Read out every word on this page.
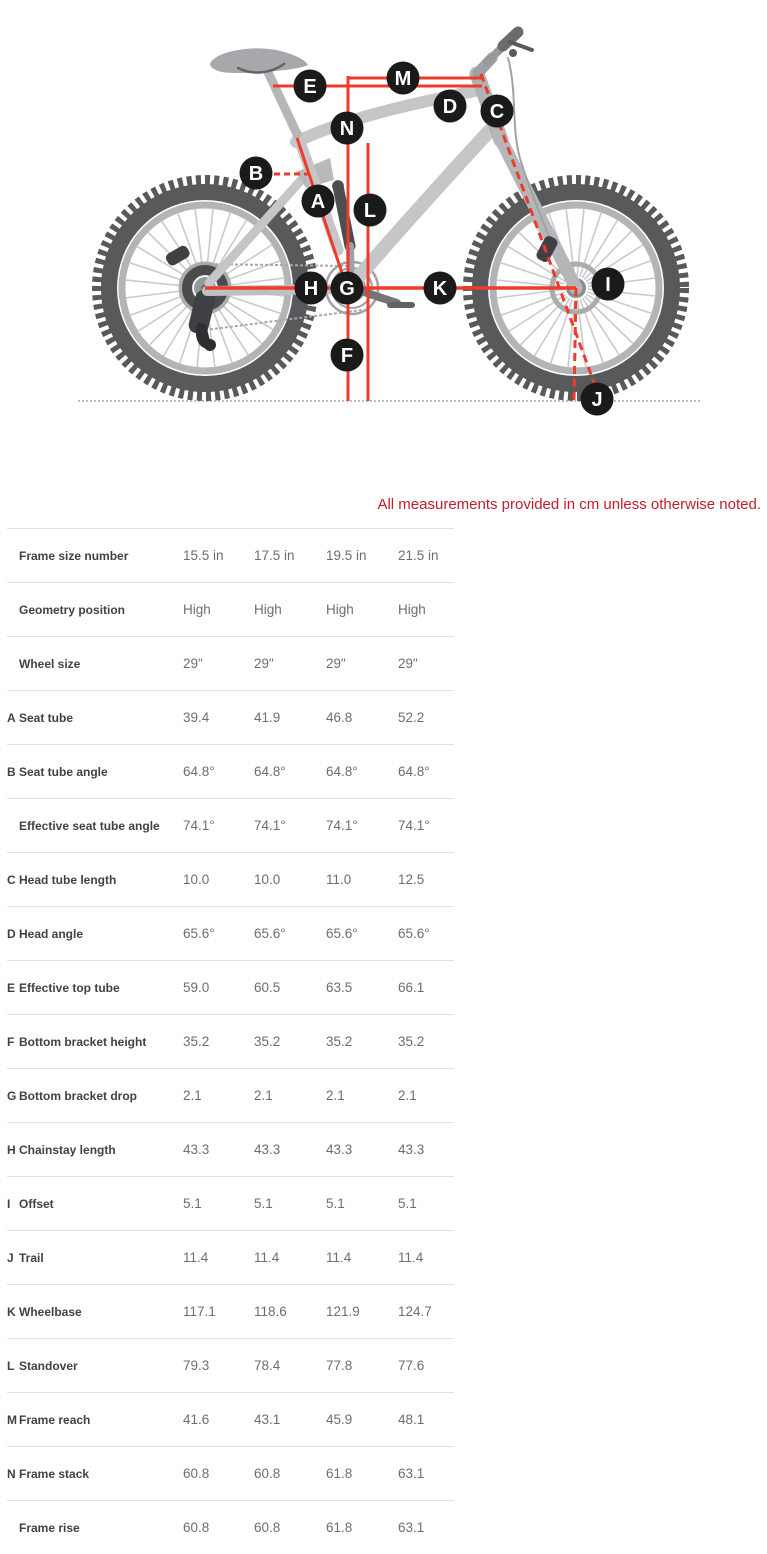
A
B
C
D
E
F
G
H	I
J
K
L
M
N
All measurements provided in cm unless otherwise noted.
Frame size number	15.5 in	17.5 in	19.5 in	21.5 in
Geometry position	High	High	High	High
Wheel size	29"	29"	29"	29"
A Seat tube	39.4	41.9	46.8	52.2
B Seat tube angle	64.8°	64.8°	64.8°	64.8°
Effective seat tube angle	74.1°	74.1°	74.1°	74.1°
C Head tube length	10.0	10.0	11.0	12.5
D Head angle	65.6°	65.6°	65.6°	65.6°
E Effective top tube	59.0	60.5	63.5	66.1
F Bottom bracket height	35.2	35.2	35.2	35.2
G Bottom bracket drop	2.1	2.1	2.1	2.1
H Chainstay length	43.3	43.3	43.3	43.3
I Offset	5.1	5.1	5.1	5.1
J Trail	11.4	11.4	11.4	11.4
K Wheelbase	117.1	118.6	121.9	124.7
L Standover	79.3	78.4	77.8	77.6
M Frame reach	41.6	43.1	45.9	48.1
N Frame stack	60.8	60.8	61.8	63.1
Frame rise	60.8	60.8	61.8	63.1
